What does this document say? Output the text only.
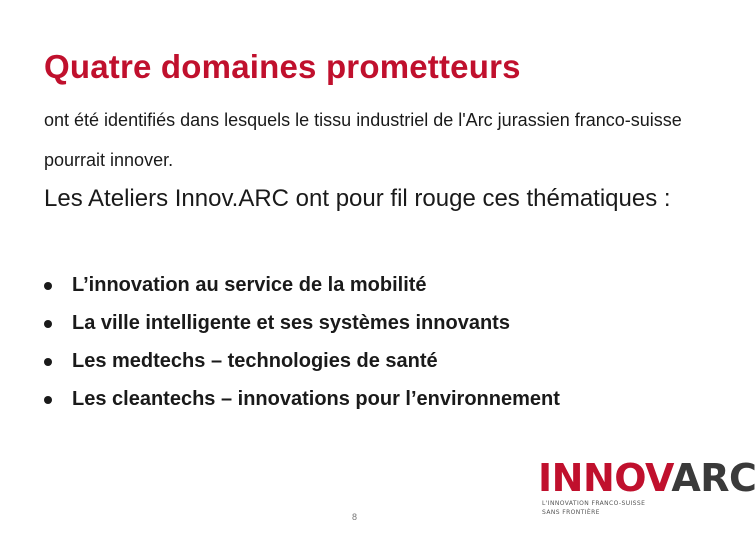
Quatre domaines prometteurs

ont été identifiés dans lesquels le tissu industriel de l'Arc jurassien franco-suisse pourrait innover.

Les Ateliers Innov.ARC ont pour fil rouge ces thématiques :

L’innovation au service de la mobilité
La ville intelligente et ses systèmes innovants
Les medtechs – technologies de santé
Les cleantechs – innovations pour l’environnement
INNOVARC
L'INNOVATION FRANCO-SUISSE
SANS FRONTIÈRE
8
